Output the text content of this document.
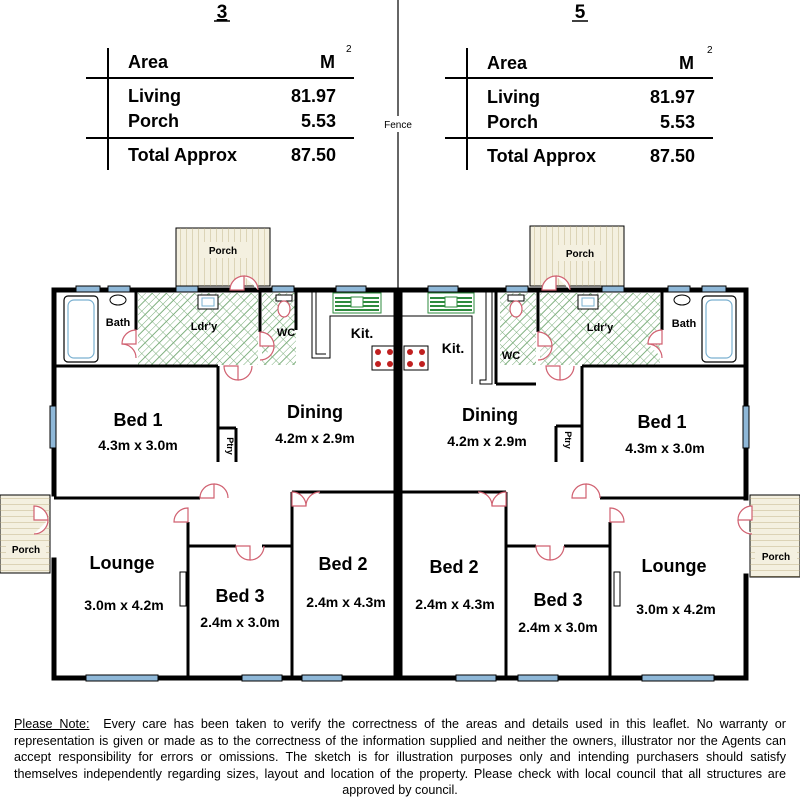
Fence
3
Area	M
2
Living	81.97
Porch	5.53
Total Approx	87.50
Porch
Porch
Bath	Ldr'y	WC	Kit.
Dining
4.2m x 2.9m
Bed 1
4.3m x 3.0m	Ptry
Lounge
3.0m x 4.2m
Bed 2
2.4m x 4.3m
Bed 3
2.4m x 3.0m
5
Area	M
2
Living	81.97
Porch	5.53
Total Approx	87.50
Porch
Porch
Bath
Ldr'y
WC
Kit.
Dining
4.2m x 2.9m
Bed 1
4.3m x 3.0m
Ptry
Lounge
3.0m x 4.2m
Bed 2
2.4m x 4.3m Bed 3
2.4m x 3.0m

Please Note: Every care has been taken to verify the correctness of the areas and details used in this leaflet. No warranty or representation is given or made as to the correctness of the information supplied and neither the owners, illustrator nor the Agents can accept responsibility for errors or omissions. The sketch is for illustration purposes only and intending purchasers should satisfy themselves independently regarding sizes, layout and location of the property. Please check with local council that all structures are approved by council.
